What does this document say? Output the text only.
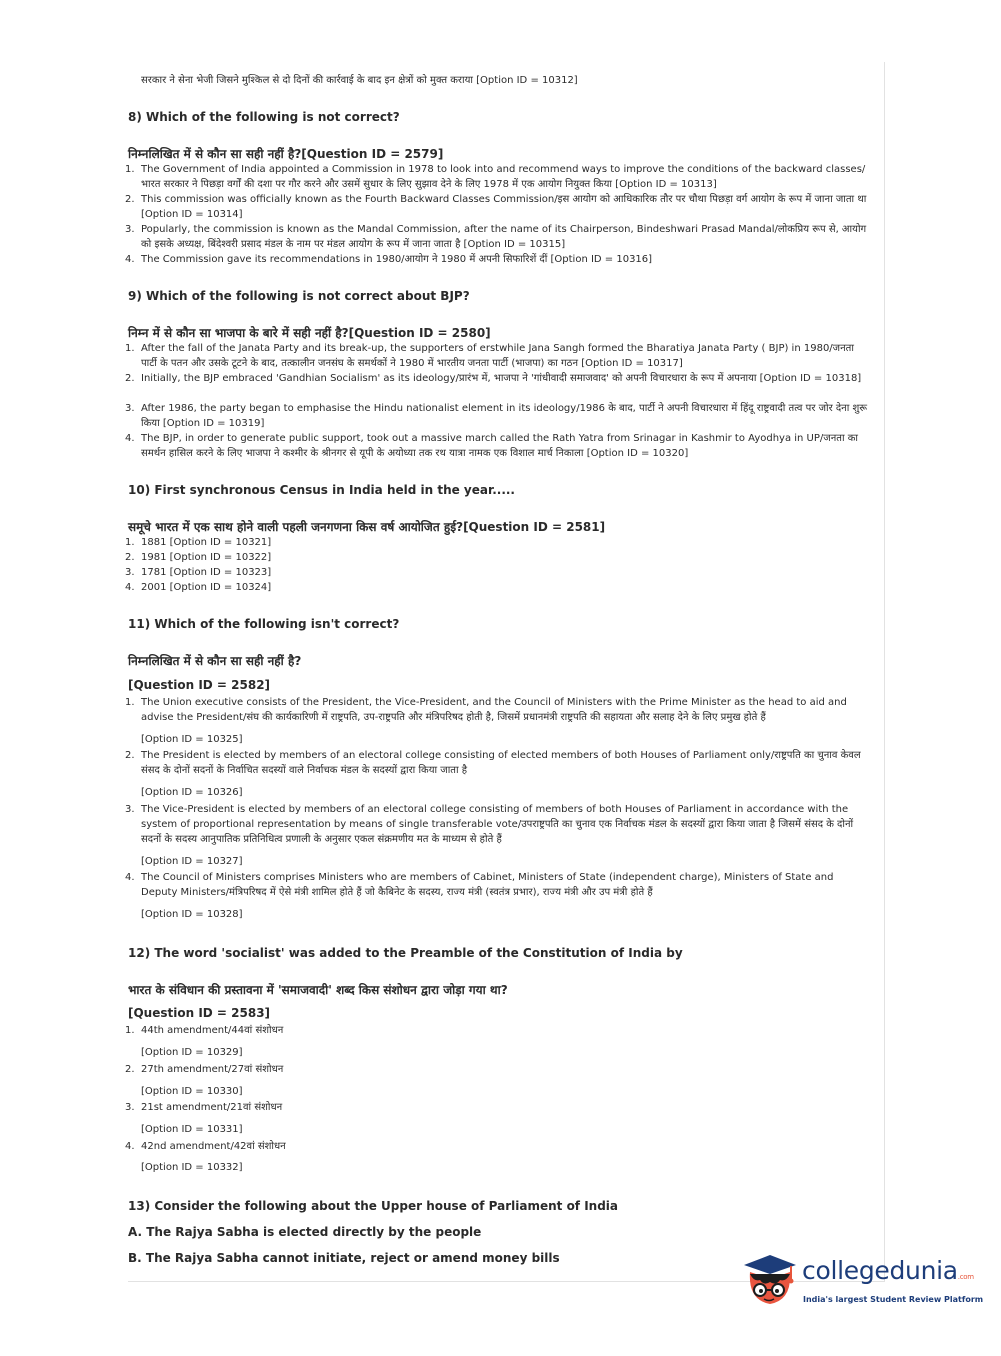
सरकार ने सेना भेजी जिसने मुश्किल से दो दिनों की कार्रवाई के बाद इन क्षेत्रों को मुक्त कराया [Option ID = 10312]
8) Which of the following is not correct?
निम्नलिखित में से कौन सा सही नहीं है?[Question ID = 2579]
1. The Government of India appointed a Commission in 1978 to look into and recommend ways to improve the conditions of the backward classes/भारत सरकार ने पिछड़ा वर्गों की दशा पर गौर करने और उसमें सुधार के लिए सुझाव देने के लिए 1978 में एक आयोग नियुक्त किया [Option ID = 10313]
2. This commission was officially known as the Fourth Backward Classes Commission/इस आयोग को आधिकारिक तौर पर चौथा पिछड़ा वर्ग आयोग के रूप में जाना जाता था [Option ID = 10314]
3. Popularly, the commission is known as the Mandal Commission, after the name of its Chairperson, Bindeshwari Prasad Mandal/लोकप्रिय रूप से, आयोग को इसके अध्यक्ष, बिंदेश्वरी प्रसाद मंडल के नाम पर मंडल आयोग के रूप में जाना जाता है [Option ID = 10315]
4. The Commission gave its recommendations in 1980/आयोग ने 1980 में अपनी सिफारिशें दीं [Option ID = 10316]
9) Which of the following is not correct about BJP?
निम्न में से कौन सा भाजपा के बारे में सही नहीं है?[Question ID = 2580]
1. After the fall of the Janata Party and its break-up, the supporters of erstwhile Jana Sangh formed the Bharatiya Janata Party ( BJP) in 1980/जनता पार्टी के पतन और उसके टूटने के बाद, तत्कालीन जनसंघ के समर्थकों ने 1980 में भारतीय जनता पार्टी (भाजपा) का गठन [Option ID = 10317]
2. Initially, the BJP embraced 'Gandhian Socialism' as its ideology/प्रारंभ में, भाजपा ने 'गांधीवादी समाजवाद' को अपनी विचारधारा के रूप में अपनाया [Option ID = 10318]
3. After 1986, the party began to emphasise the Hindu nationalist element in its ideology/1986 के बाद, पार्टी ने अपनी विचारधारा में हिंदू राष्ट्रवादी तत्व पर जोर देना शुरू किया [Option ID = 10319]
4. The BJP, in order to generate public support, took out a massive march called the Rath Yatra from Srinagar in Kashmir to Ayodhya in UP/जनता का समर्थन हासिल करने के लिए भाजपा ने कश्मीर के श्रीनगर से यूपी के अयोध्या तक रथ यात्रा नामक एक विशाल मार्च निकाला [Option ID = 10320]
10) First synchronous Census in India held in the year.....
समूचे भारत में एक साथ होने वाली पहली जनगणना किस वर्ष आयोजित हुई?[Question ID = 2581]
1. 1881 [Option ID = 10321]
2. 1981 [Option ID = 10322]
3. 1781 [Option ID = 10323]
4. 2001 [Option ID = 10324]
11) Which of the following isn't correct?
निम्नलिखित में से कौन सा सही नहीं है?
[Question ID = 2582]
1. The Union executive consists of the President, the Vice-President, and the Council of Ministers with the Prime Minister as the head to aid and advise the President/संघ की कार्यकारिणी में राष्ट्रपति, उप-राष्ट्रपति और मंत्रिपरिषद होती है, जिसमें प्रधानमंत्री राष्ट्रपति की सहायता और सलाह देने के लिए प्रमुख होते हैं
[Option ID = 10325]
2. The President is elected by members of an electoral college consisting of elected members of both Houses of Parliament only/राष्ट्रपति का चुनाव केवल संसद के दोनों सदनों के निर्वाचित सदस्यों वाले निर्वाचक मंडल के सदस्यों द्वारा किया जाता है
[Option ID = 10326]
3. The Vice-President is elected by members of an electoral college consisting of members of both Houses of Parliament in accordance with the system of proportional representation by means of single transferable vote/उपराष्ट्रपति का चुनाव एक निर्वाचक मंडल के सदस्यों द्वारा किया जाता है जिसमें संसद के दोनों सदनों के सदस्य आनुपातिक प्रतिनिधित्व प्रणाली के अनुसार एकल संक्रमणीय मत के माध्यम से होते हैं
[Option ID = 10327]
4. The Council of Ministers comprises Ministers who are members of Cabinet, Ministers of State (independent charge), Ministers of State and Deputy Ministers/मंत्रिपरिषद में ऐसे मंत्री शामिल होते हैं जो कैबिनेट के सदस्य, राज्य मंत्री (स्वतंत्र प्रभार), राज्य मंत्री और उप मंत्री होते हैं
[Option ID = 10328]
12) The word 'socialist' was added to the Preamble of the Constitution of India by
भारत के संविधान की प्रस्तावना में 'समाजवादी' शब्द किस संशोधन द्वारा जोड़ा गया था?
[Question ID = 2583]
1. 44th amendment/44वां संशोधन
[Option ID = 10329]
2. 27th amendment/27वां संशोधन
[Option ID = 10330]
3. 21st amendment/21वां संशोधन
[Option ID = 10331]
4. 42nd amendment/42वां संशोधन
[Option ID = 10332]
13) Consider the following about the Upper house of Parliament of India
A. The Rajya Sabha is elected directly by the people
B. The Rajya Sabha cannot initiate, reject or amend money bills	collegedunia.com
India's largest Student Review Platform
